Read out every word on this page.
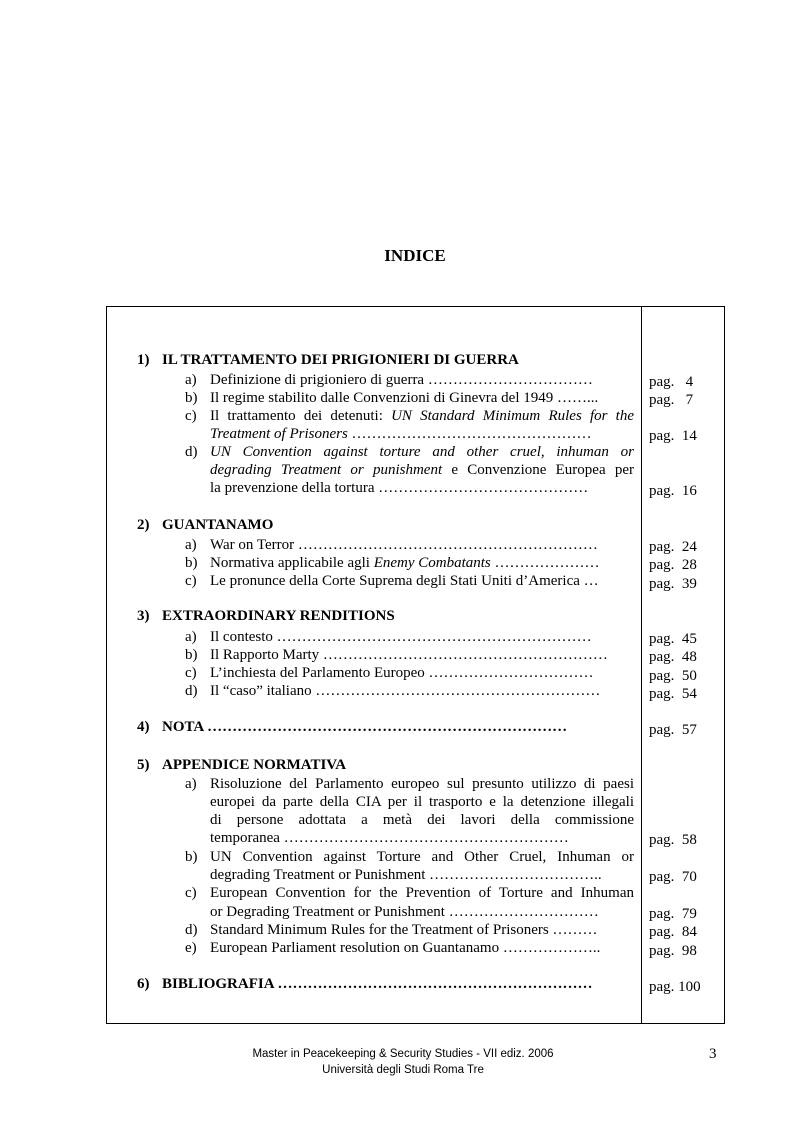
INDICE
1) IL TRATTAMENTO DEI PRIGIONIERI DI GUERRA
a) Definizione di prigioniero di guerra ……………………………	pag.   4
b) Il regime stabilito dalle Convenzioni di Ginevra del 1949 ……...	pag.   7
c) Il trattamento dei detenuti: UN Standard Minimum Rules for the
Treatment of Prisoners …………………………………………	pag.  14
d) UN Convention against torture and other cruel, inhuman or
degrading Treatment or punishment e Convenzione Europea per
la prevenzione della tortura ……………………………………	pag.  16
2) GUANTANAMO
a) War on Terror ……………………………………………………	pag.  24
b) Normativa applicabile agli Enemy Combatants …………………	pag.  28
c) Le pronunce della Corte Suprema degli Stati Uniti d’America …	pag.  39
3) EXTRAORDINARY RENDITIONS
a) Il contesto ………………………………………………………	pag.  45
b) Il Rapporto Marty …………………………………………………	pag.  48
c) L’inchiesta del Parlamento Europeo ……………………………	pag.  50
d) Il “caso” italiano …………………………………………………	pag.  54
4) NOTA ………………………………………………………………	pag.  57
5) APPENDICE NORMATIVA
a) Risoluzione del Parlamento europeo sul presunto utilizzo di paesi
europei da parte della CIA per il trasporto e la detenzione illegali
di persone adottata a metà dei lavori della commissione
temporanea …………………………………………………	pag.  58
b) UN Convention against Torture and Other Cruel, Inhuman or
degrading Treatment or Punishment ……………………………..	pag.  70
c) European Convention for the Prevention of Torture and Inhuman
or Degrading Treatment or Punishment …………………………	pag.  79
d) Standard Minimum Rules for the Treatment of Prisoners ………	pag.  84
e) European Parliament resolution on Guantanamo ………………..	pag.  98
6) BIBLIOGRAFIA ………………………………………………………	pag. 100
Master in Peacekeeping & Security Studies - VII ediz. 2006
Università degli Studi Roma Tre
3
